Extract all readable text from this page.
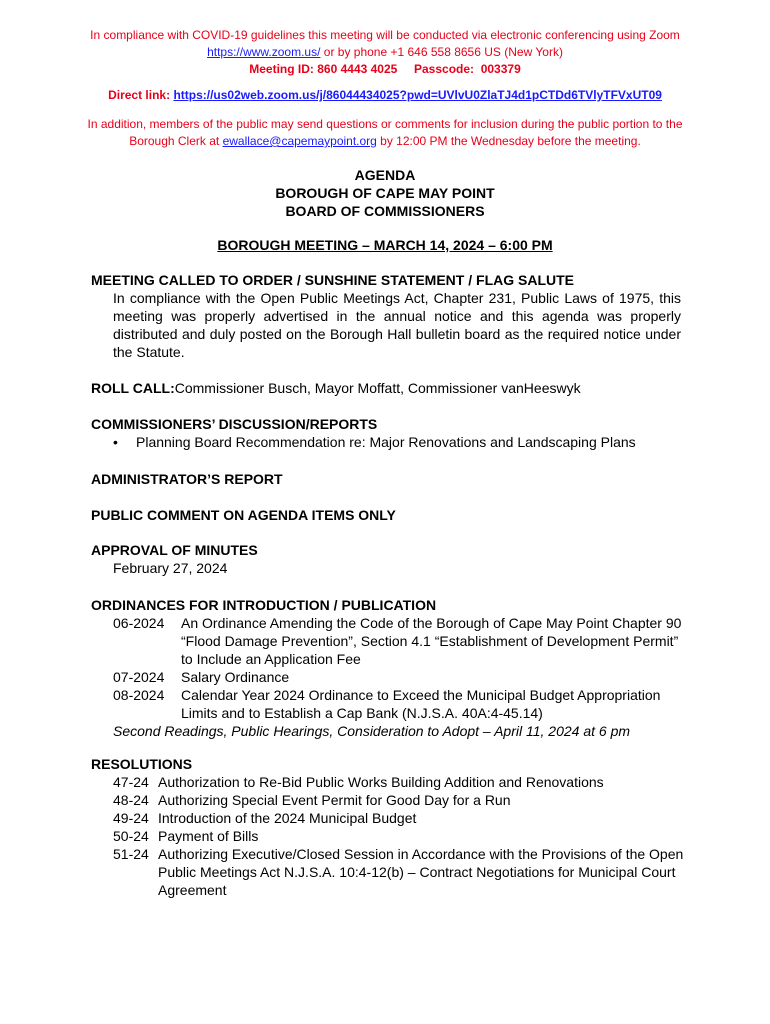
In compliance with COVID-19 guidelines this meeting will be conducted via electronic conferencing using Zoom
https://www.zoom.us/ or by phone +1 646 558 8656 US (New York)
Meeting ID: 860 4443 4025     Passcode:  003379
Direct link: https://us02web.zoom.us/j/86044434025?pwd=UVlvU0ZlaTJ4d1pCTDd6TVlyTFVxUT09
In addition, members of the public may send questions or comments for inclusion during the public portion to the
Borough Clerk at ewallace@capemaypoint.org by 12:00 PM the Wednesday before the meeting.
AGENDA
BOROUGH OF CAPE MAY POINT
BOARD OF COMMISSIONERS
BOROUGH MEETING – MARCH 14, 2024 – 6:00 PM
MEETING CALLED TO ORDER / SUNSHINE STATEMENT / FLAG SALUTE
In compliance with the Open Public Meetings Act, Chapter 231, Public Laws of 1975, this meeting was properly advertised in the annual notice and this agenda was properly distributed and duly posted on the Borough Hall bulletin board as the required notice under the Statute.
ROLL CALL: Commissioner Busch, Mayor Moffatt, Commissioner vanHeeswyk
COMMISSIONERS’ DISCUSSION/REPORTS
•	Planning Board Recommendation re: Major Renovations and Landscaping Plans
ADMINISTRATOR’S REPORT
PUBLIC COMMENT ON AGENDA ITEMS ONLY
APPROVAL OF MINUTES
February 27, 2024
ORDINANCES FOR INTRODUCTION / PUBLICATION
06-2024	An Ordinance Amending the Code of the Borough of Cape May Point Chapter 90 “Flood Damage Prevention”, Section 4.1 “Establishment of Development Permit” to Include an Application Fee
07-2024	Salary Ordinance
08-2024	Calendar Year 2024 Ordinance to Exceed the Municipal Budget Appropriation Limits and to Establish a Cap Bank (N.J.S.A. 40A:4-45.14)
Second Readings, Public Hearings, Consideration to Adopt – April 11, 2024 at 6 pm
RESOLUTIONS
47-24 Authorization to Re-Bid Public Works Building Addition and Renovations
48-24 Authorizing Special Event Permit for Good Day for a Run
49-24 Introduction of the 2024 Municipal Budget
50-24 Payment of Bills
51-24 Authorizing Executive/Closed Session in Accordance with the Provisions of the Open Public Meetings Act N.J.S.A. 10:4-12(b) – Contract Negotiations for Municipal Court Agreement
